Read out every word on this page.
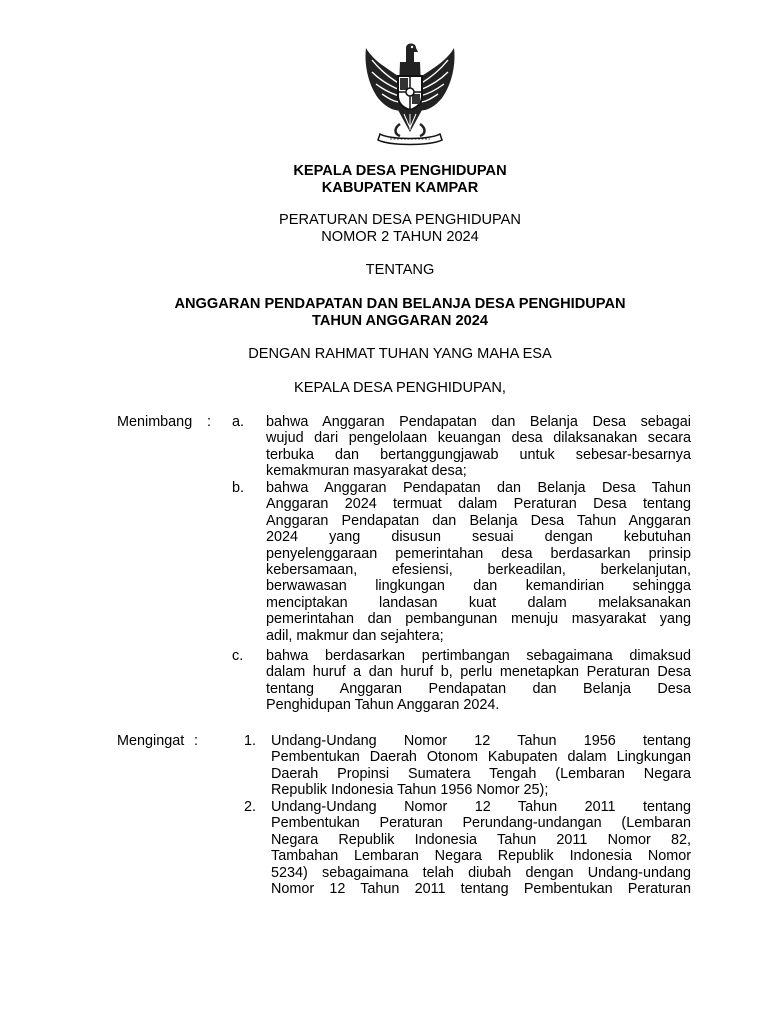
KEPALA DESA PENGHIDUPAN
KABUPATEN KAMPAR
PERATURAN DESA PENGHIDUPAN
NOMOR 2 TAHUN 2024
TENTANG
ANGGARAN PENDAPATAN DAN BELANJA DESA PENGHIDUPAN
TAHUN ANGGARAN 2024
DENGAN RAHMAT TUHAN YANG MAHA ESA
KEPALA DESA PENGHIDUPAN,
Menimbang : a. bahwa Anggaran Pendapatan dan Belanja Desa sebagai
wujud dari pengelolaan keuangan desa dilaksanakan secara
terbuka dan bertanggungjawab untuk sebesar-besarnya
kemakmuran masyarakat desa;
b. bahwa Anggaran Pendapatan dan Belanja Desa Tahun
Anggaran 2024 termuat dalam Peraturan Desa tentang
Anggaran Pendapatan dan Belanja Desa Tahun Anggaran
2024 yang disusun sesuai dengan kebutuhan
penyelenggaraan pemerintahan desa berdasarkan prinsip
kebersamaan, efesiensi, berkeadilan, berkelanjutan,
berwawasan lingkungan dan kemandirian sehingga
menciptakan landasan kuat dalam melaksanakan
pemerintahan dan pembangunan menuju masyarakat yang
adil, makmur dan sejahtera;
c. bahwa berdasarkan pertimbangan sebagaimana dimaksud
dalam huruf a dan huruf b, perlu menetapkan Peraturan Desa
tentang Anggaran Pendapatan dan Belanja Desa
Penghidupan Tahun Anggaran 2024.
Mengingat :	1. Undang-Undang Nomor 12 Tahun 1956 tentang
Pembentukan Daerah Otonom Kabupaten dalam Lingkungan
Daerah Propinsi Sumatera Tengah (Lembaran Negara
Republik Indonesia Tahun 1956 Nomor 25);
2. Undang-Undang Nomor 12 Tahun 2011 tentang
Pembentukan Peraturan Perundang-undangan (Lembaran
Negara Republik Indonesia Tahun 2011 Nomor 82,
Tambahan Lembaran Negara Republik Indonesia Nomor
5234) sebagaimana telah diubah dengan Undang-undang
Nomor 12 Tahun 2011 tentang Pembentukan Peraturan
